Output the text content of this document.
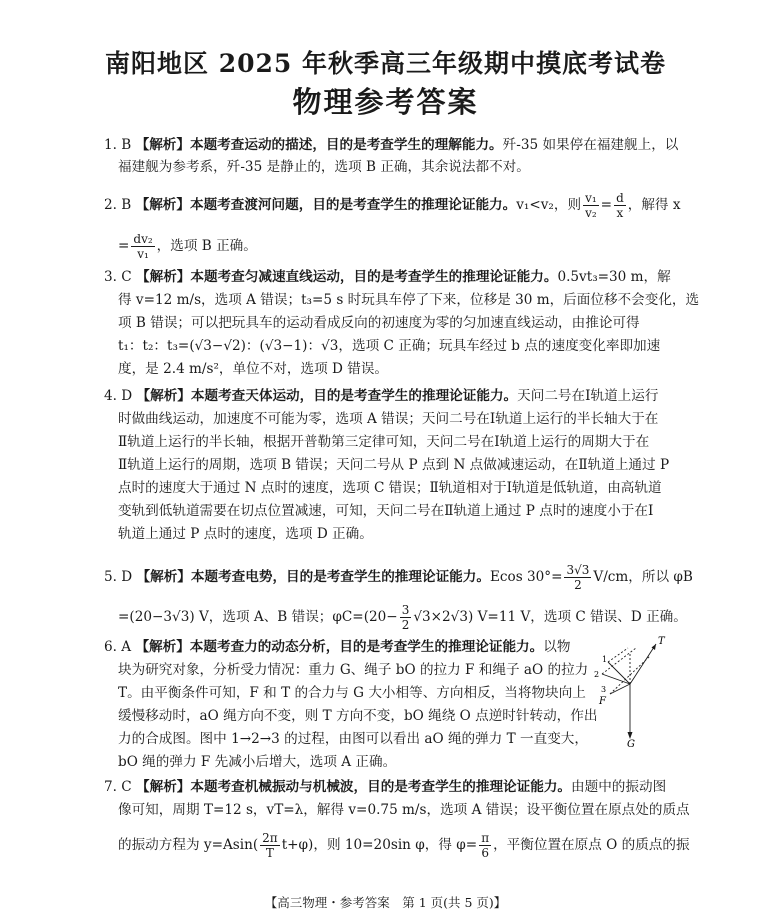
南阳地区 2025 年秋季高三年级期中摸底考试卷
物理参考答案
1. B 【解析】本题考查运动的描述，目的是考查学生的理解能力。歼-35 如果停在福建舰上，以
福建舰为参考系，歼-35 是静止的，选项 B 正确，其余说法都不对。
2. B 【解析】本题考查渡河问题，目的是考查学生的推理论证能力。v₁<v₂，则 $\frac{\text{v₁}}{\text{v₂}} = \frac{d}{x}$ ，解得 x
= $\frac{\text{dv₂}}{\text{v₁}}$ ，选项 B 正确。
3. C 【解析】本题考查匀减速直线运动，目的是考查学生的推理论证能力。0.5vt₃=30 m，解
得 v=12 m/s，选项 A 错误；t₃=5 s 时玩具车停了下来，位移是 30 m，后面位移不会变化，选
项 B 错误；可以把玩具车的运动看成反向的初速度为零的匀加速直线运动，由推论可得
t₁：t₂：t₃=(√3−√2)：(√3−1)：√3，选项 C 正确；玩具车经过 b 点的速度变化率即加速
度，是 2.4 m/s²，单位不对，选项 D 错误。
4. D 【解析】本题考查天体运动，目的是考查学生的推理论证能力。天问二号在Ⅰ轨道上运行
时做曲线运动，加速度不可能为零，选项 A 错误；天问二号在Ⅰ轨道上运行的半长轴大于在
Ⅱ轨道上运行的半长轴，根据开普勒第三定律可知，天问二号在Ⅰ轨道上运行的周期大于在
Ⅱ轨道上运行的周期，选项 B 错误；天问二号从 P 点到 N 点做减速运动，在Ⅱ轨道上通过 P
点时的速度大于通过 N 点时的速度，选项 C 错误；Ⅱ轨道相对于Ⅰ轨道是低轨道，由高轨道
变轨到低轨道需要在切点位置减速，可知，天问二号在Ⅱ轨道上通过 P 点时的速度小于在Ⅰ
轨道上通过 P 点时的速度，选项 D 正确。
5. D 【解析】本题考查电势，目的是考查学生的推理论证能力。Ecos $30^\circ= \frac{3√3}{2} V/cm$，所以 φB
=(20−3√3) V，选项 A、B 错误；$\varphi C=(20- \frac{3}{2} √3\times 2√3)$ V=11 V，选项 C 错误、D 正确。
6. A 【解析】本题考查力的动态分析，目的是考查学生的推理论证能力。以物
块为研究对象，分析受力情况：重力 G、绳子 bO 的拉力 F 和绳子 aO 的拉力
T。由平衡条件可知，F 和 T 的合力与 G 大小相等、方向相反，当将物块向上
缓慢移动时，aO 绳方向不变，则 T 方向不变，bO 绳绕 O 点逆时针转动，作出
力的合成图。图中 1→2→3 的过程，由图可以看出 aO 绳的弹力 T 一直变大，
bO 绳的弹力 F 先减小后增大，选项 A 正确。
T
G
F
1
2
3
7. C 【解析】本题考查机械振动与机械波，目的是考查学生的推理论证能力。由题中的振动图
像可知，周期 T=12 s，vT=λ，解得 v=0.75 m/s，选项 A 错误；设平衡位置在原点处的质点
的振动方程为 $y=Asin( \frac{2\pi}{T} t+\varphi)$，则 10=20sin φ，得 $\varphi= \frac{\pi}{6}$ ，平衡位置在原点 O 的质点的振
【高三物理・参考答案　第 1 页(共 5 页)】
